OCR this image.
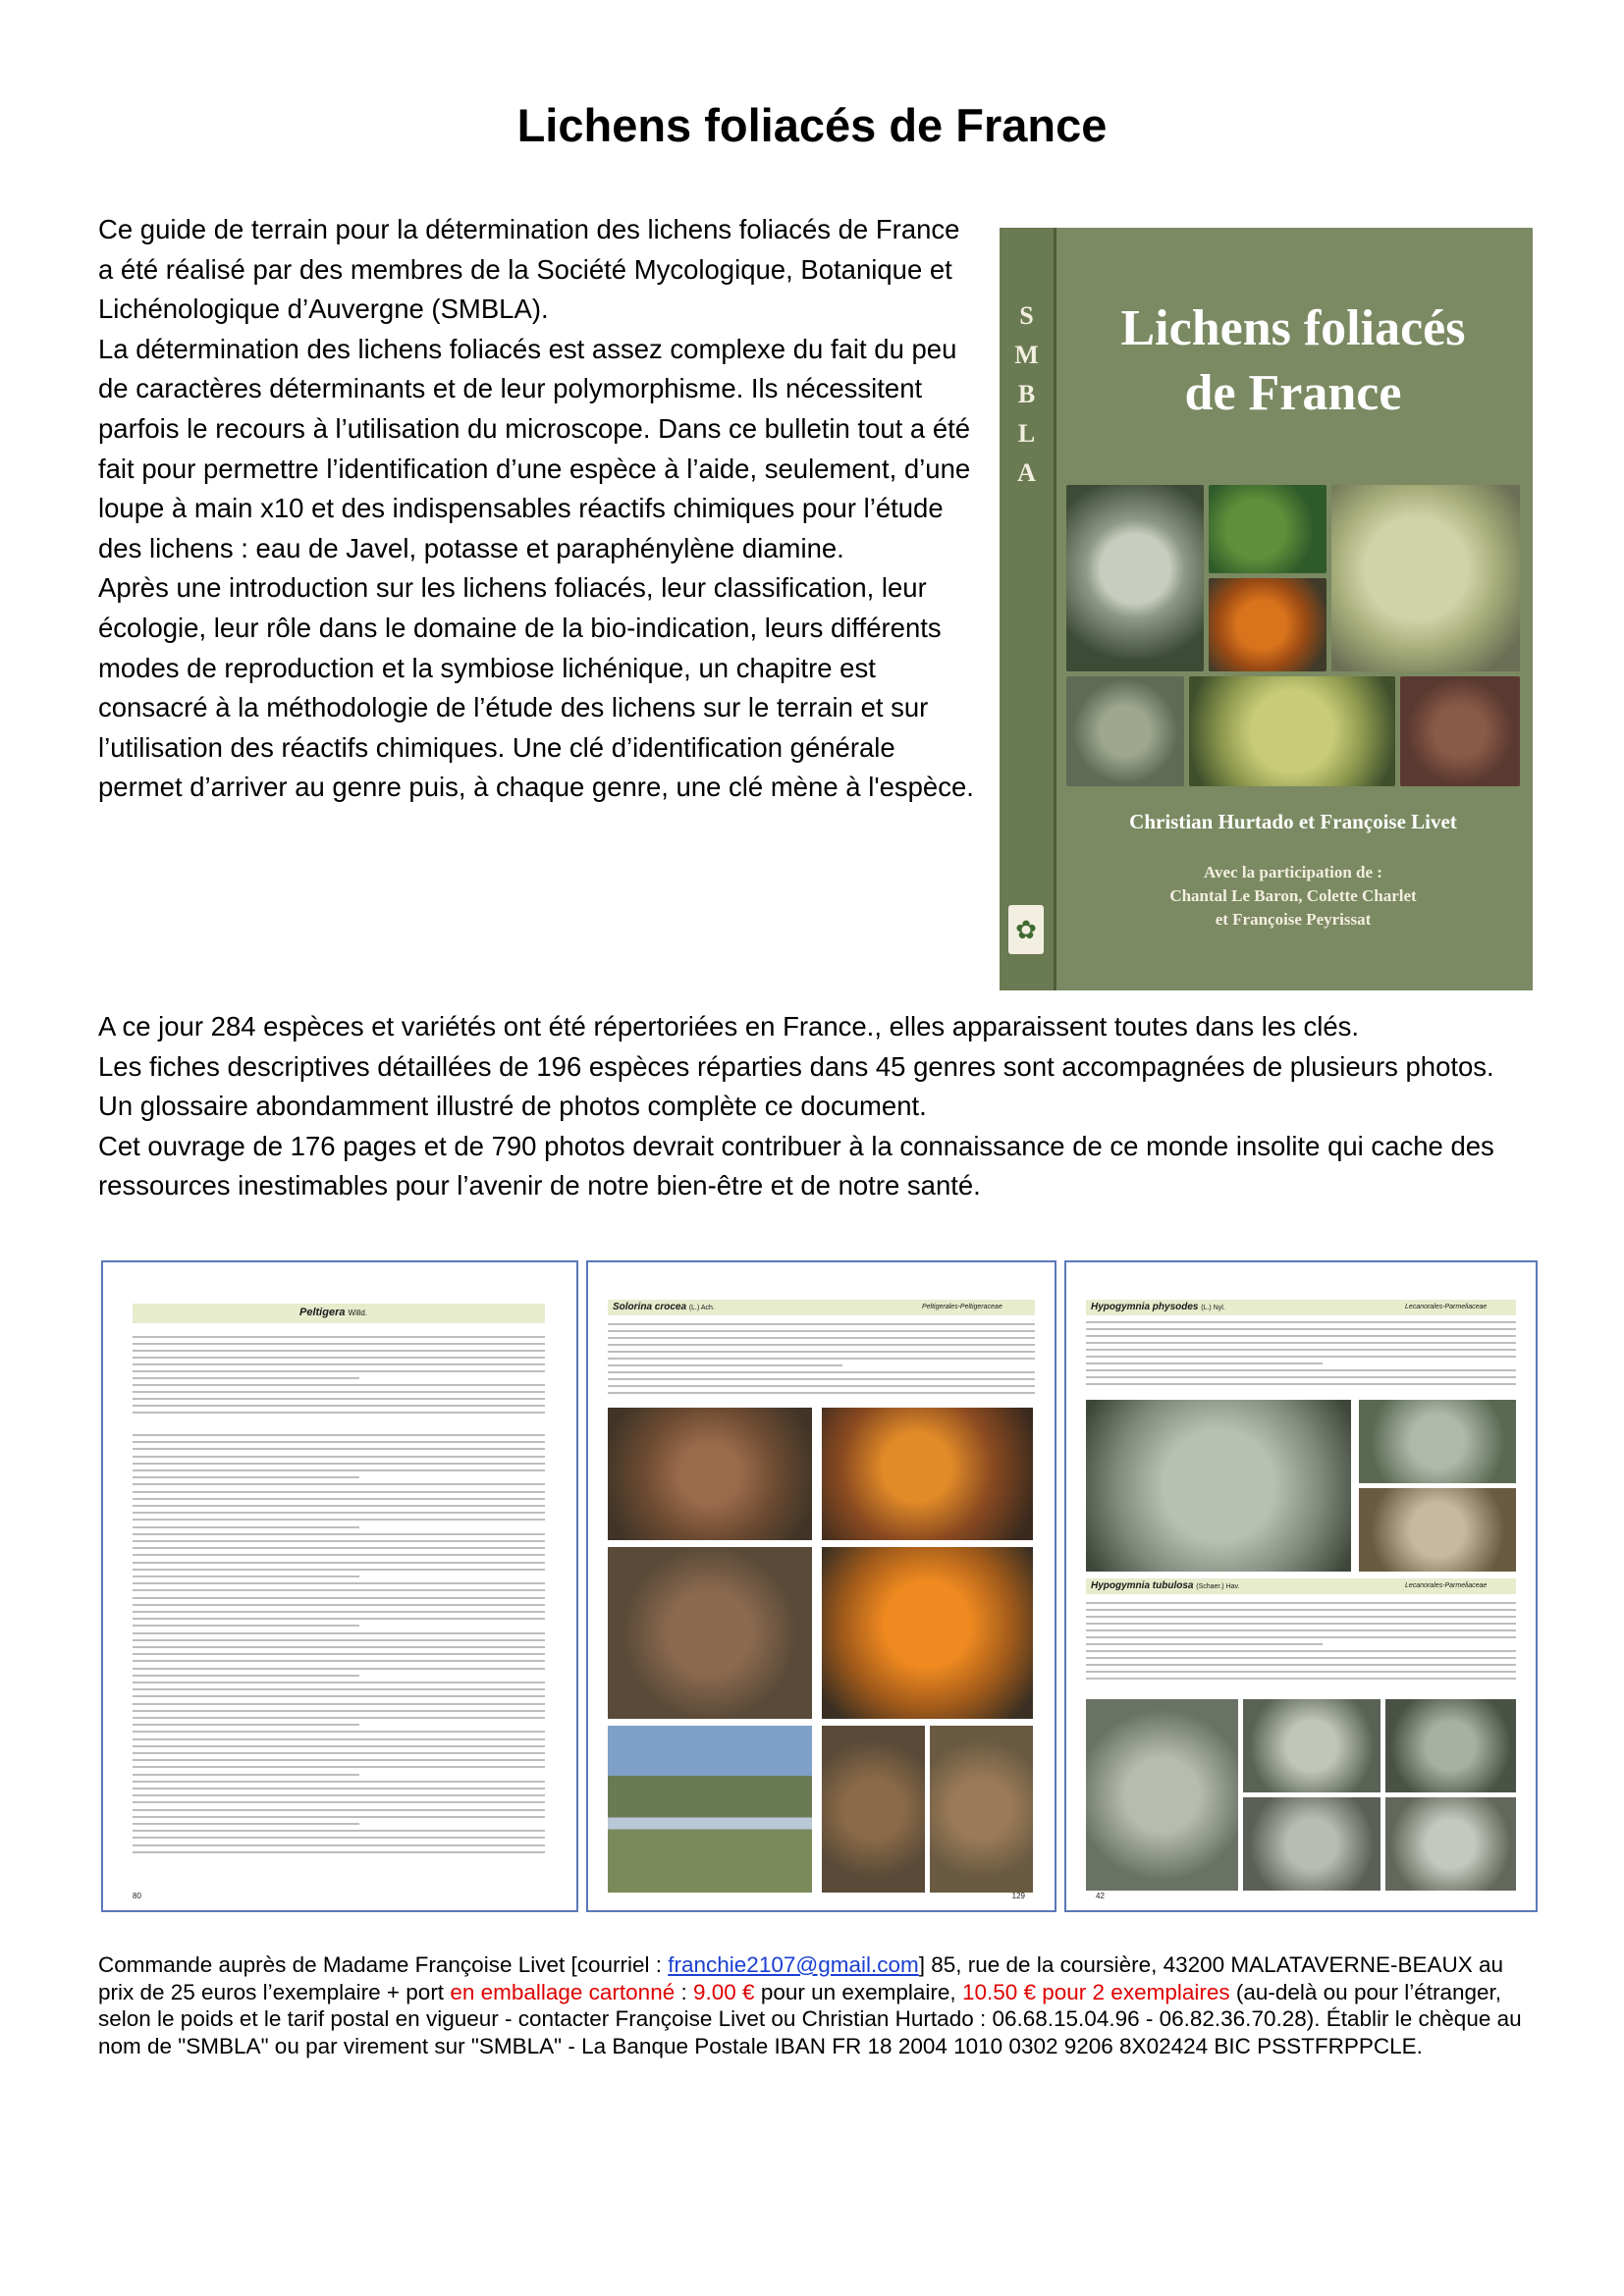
Lichens foliacés de France

Ce guide de terrain pour la détermination des lichens foliacés de France a été réalisé par des membres de la Société Mycologique, Botanique et Lichénologique d’Auvergne (SMBLA).

La détermination des lichens foliacés est assez complexe du fait du peu de caractères déterminants et de leur polymorphisme. Ils nécessitent parfois le recours à l’utilisation du microscope. Dans ce bulletin tout a été fait pour permettre l’identification d’une espèce à l’aide, seulement, d’une loupe à main x10 et des indispensables réactifs chimiques pour l’étude des lichens : eau de Javel, potasse et paraphénylène diamine.

Après une introduction sur les lichens foliacés, leur classification, leur écologie, leur rôle dans le domaine de la bio-indication, leurs différents modes de reproduction et la symbiose lichénique, un chapitre est consacré à la méthodologie de l’étude des lichens sur le terrain et sur l’utilisation des réactifs chimiques. Une clé d’identification générale permet d’arriver au genre puis, à chaque genre, une clé mène à l'espèce.

S
M
B
L
A
Lichens foliacés
de France
Christian Hurtado et Françoise Livet
Avec la participation de :
Chantal Le Baron, Colette Charlet
et Françoise Peyrissat
✿

A ce jour 284 espèces et variétés ont été répertoriées en France., elles apparaissent toutes dans les clés.

Les fiches descriptives détaillées de 196 espèces réparties dans 45 genres sont accompagnées de plusieurs photos.

Un glossaire abondamment illustré de photos complète ce document.

Cet ouvrage de 176 pages et de 790 photos devrait contribuer à la connaissance de ce monde insolite qui cache des ressources inestimables pour l’avenir de notre bien-être et de notre santé.

Peltigera Willd.
80
Solorina crocea (L.) Ach.	Peltigerales-Peltigeraceae
129
Hypogymnia physodes (L.) Nyl.	Lecanorales-Parmeliaceae
Hypogymnia tubulosa (Schaer.) Hav.	Lecanorales-Parmeliaceae
42
Commande auprès de Madame Françoise Livet [courriel : franchie2107@gmail.com] 85, rue de la coursière, 43200 MALATAVERNE-BEAUX au prix de 25 euros l’exemplaire + port en emballage cartonné : 9.00 € pour un exemplaire, 10.50 € pour 2 exemplaires (au-delà ou pour l’étranger, selon le poids et le tarif postal en vigueur - contacter Françoise Livet ou Christian Hurtado : 06.68.15.04.96 - 06.82.36.70.28). Établir le chèque au nom de "SMBLA" ou par virement sur "SMBLA" - La Banque Postale IBAN FR 18 2004 1010 0302 9206 8X02424 BIC PSSTFRPPCLE.
